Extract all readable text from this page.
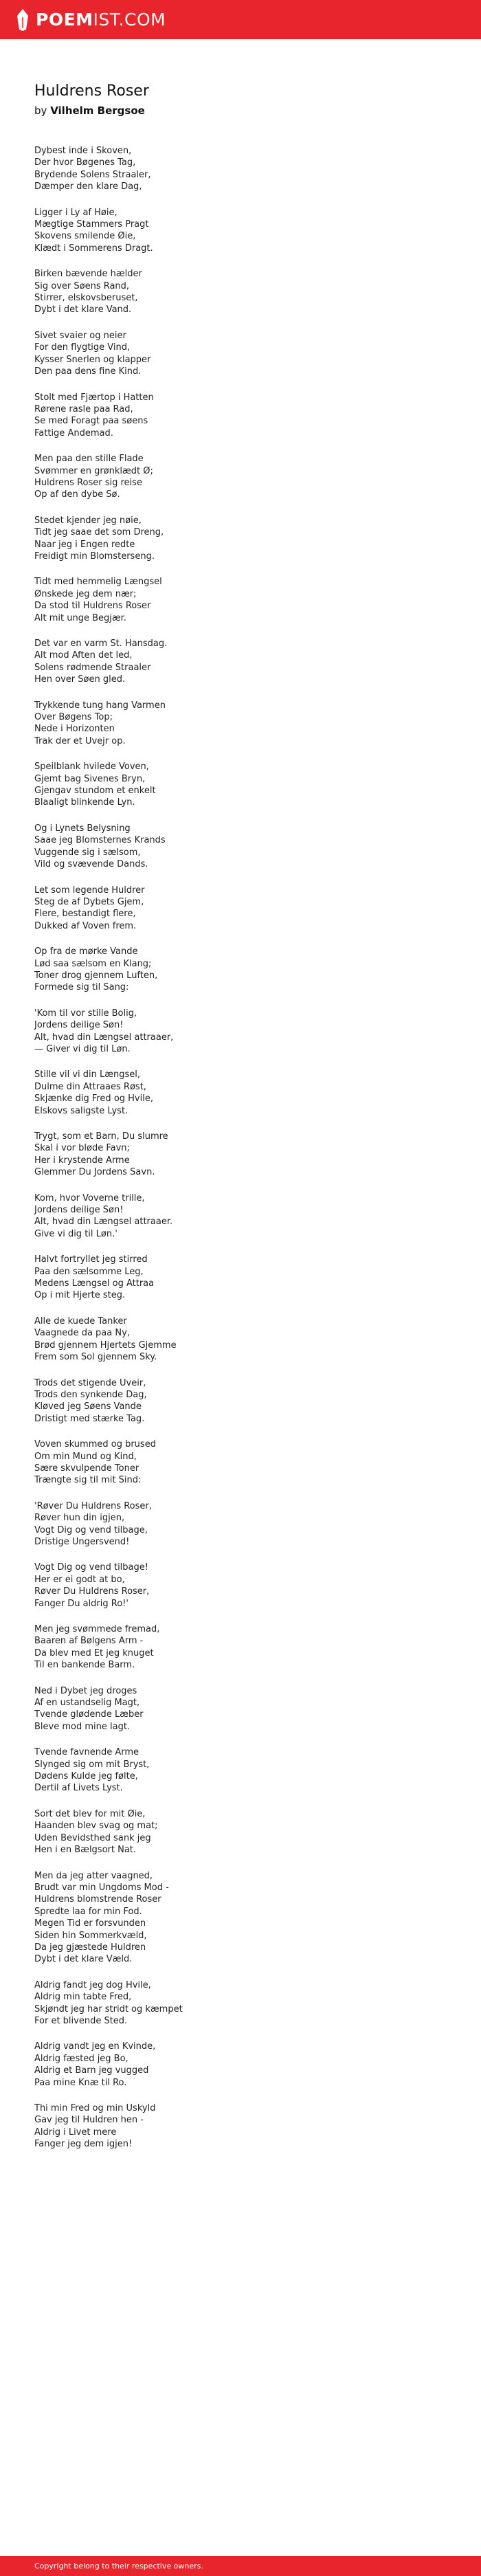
POEMIST.COM
Huldrens Roser
by Vilhelm Bergsoe
Dybest inde i Skoven,
Der hvor Bøgenes Tag,
Brydende Solens Straaler,
Dæmper den klare Dag,
Ligger i Ly af Høie,
Mægtige Stammers Pragt
Skovens smilende Øie,
Klædt i Sommerens Dragt.
Birken bævende hælder
Sig over Søens Rand,
Stirrer, elskovsberuset,
Dybt i det klare Vand.
Sivet svaier og neier
For den flygtige Vind,
Kysser Snerlen og klapper
Den paa dens fine Kind.
Stolt med Fjærtop i Hatten
Rørene rasle paa Rad,
Se med Foragt paa søens
Fattige Andemad.
Men paa den stille Flade
Svømmer en grønklædt Ø;
Huldrens Roser sig reise
Op af den dybe Sø.
Stedet kjender jeg nøie,
Tidt jeg saae det som Dreng,
Naar jeg i Engen redte
Freidigt min Blomsterseng.
Tidt med hemmelig Længsel
Ønskede jeg dem nær;
Da stod til Huldrens Roser
Alt mit unge Begjær.
Det var en varm St. Hansdag.
Alt mod Aften det led,
Solens rødmende Straaler
Hen over Søen gled.
Trykkende tung hang Varmen
Over Bøgens Top;
Nede i Horizonten
Trak der et Uvejr op.
Speilblank hvilede Voven,
Gjemt bag Sivenes Bryn,
Gjengav stundom et enkelt
Blaaligt blinkende Lyn.
Og i Lynets Belysning
Saae jeg Blomsternes Krands
Vuggende sig i sælsom,
Vild og svævende Dands.
Let som legende Huldrer
Steg de af Dybets Gjem,
Flere, bestandigt flere,
Dukked af Voven frem.
Op fra de mørke Vande
Lød saa sælsom en Klang;
Toner drog gjennem Luften,
Formede sig til Sang:
'Kom til vor stille Bolig,
Jordens deilige Søn!
Alt, hvad din Længsel attraaer,
— Giver vi dig til Løn.
Stille vil vi din Længsel,
Dulme din Attraaes Røst,
Skjænke dig Fred og Hvile,
Elskovs saligste Lyst.
Trygt, som et Barn, Du slumre
Skal i vor bløde Favn;
Her i krystende Arme
Glemmer Du Jordens Savn.
Kom, hvor Voverne trille,
Jordens deilige Søn!
Alt, hvad din Længsel attraaer.
Give vi dig til Løn.'
Halvt fortryllet jeg stirred
Paa den sælsomme Leg,
Medens Længsel og Attraa
Op i mit Hjerte steg.
Alle de kuede Tanker
Vaagnede da paa Ny,
Brød gjennem Hjertets Gjemme
Frem som Sol gjennem Sky.
Trods det stigende Uveir,
Trods den synkende Dag,
Kløved jeg Søens Vande
Dristigt med stærke Tag.
Voven skummed og brused
Om min Mund og Kind,
Sære skvulpende Toner
Trængte sig til mit Sind:
'Røver Du Huldrens Roser,
Røver hun din igjen,
Vogt Dig og vend tilbage,
Dristige Ungersvend!
Vogt Dig og vend tilbage!
Her er ei godt at bo,
Røver Du Huldrens Roser,
Fanger Du aldrig Ro!'
Men jeg svømmede fremad,
Baaren af Bølgens Arm -
Da blev med Et jeg knuget
Til en bankende Barm.
Ned i Dybet jeg droges
Af en ustandselig Magt,
Tvende glødende Læber
Bleve mod mine lagt.
Tvende favnende Arme
Slynged sig om mit Bryst,
Dødens Kulde jeg følte,
Dertil af Livets Lyst.
Sort det blev for mit Øie,
Haanden blev svag og mat;
Uden Bevidsthed sank jeg
Hen i en Bælgsort Nat.
Men da jeg atter vaagned,
Brudt var min Ungdoms Mod -
Huldrens blomstrende Roser
Spredte laa for min Fod.
Megen Tid er forsvunden
Siden hin Sommerkvæld,
Da jeg gjæstede Huldren
Dybt i det klare Væld.
Aldrig fandt jeg dog Hvile,
Aldrig min tabte Fred,
Skjøndt jeg har stridt og kæmpet
For et blivende Sted.
Aldrig vandt jeg en Kvinde,
Aldrig fæsted jeg Bo,
Aldrig et Barn jeg vugged
Paa mine Knæ til Ro.
Thi min Fred og min Uskyld
Gav jeg til Huldren hen -
Aldrig i Livet mere
Fanger jeg dem igjen!
Copyright belong to their respective owners.
